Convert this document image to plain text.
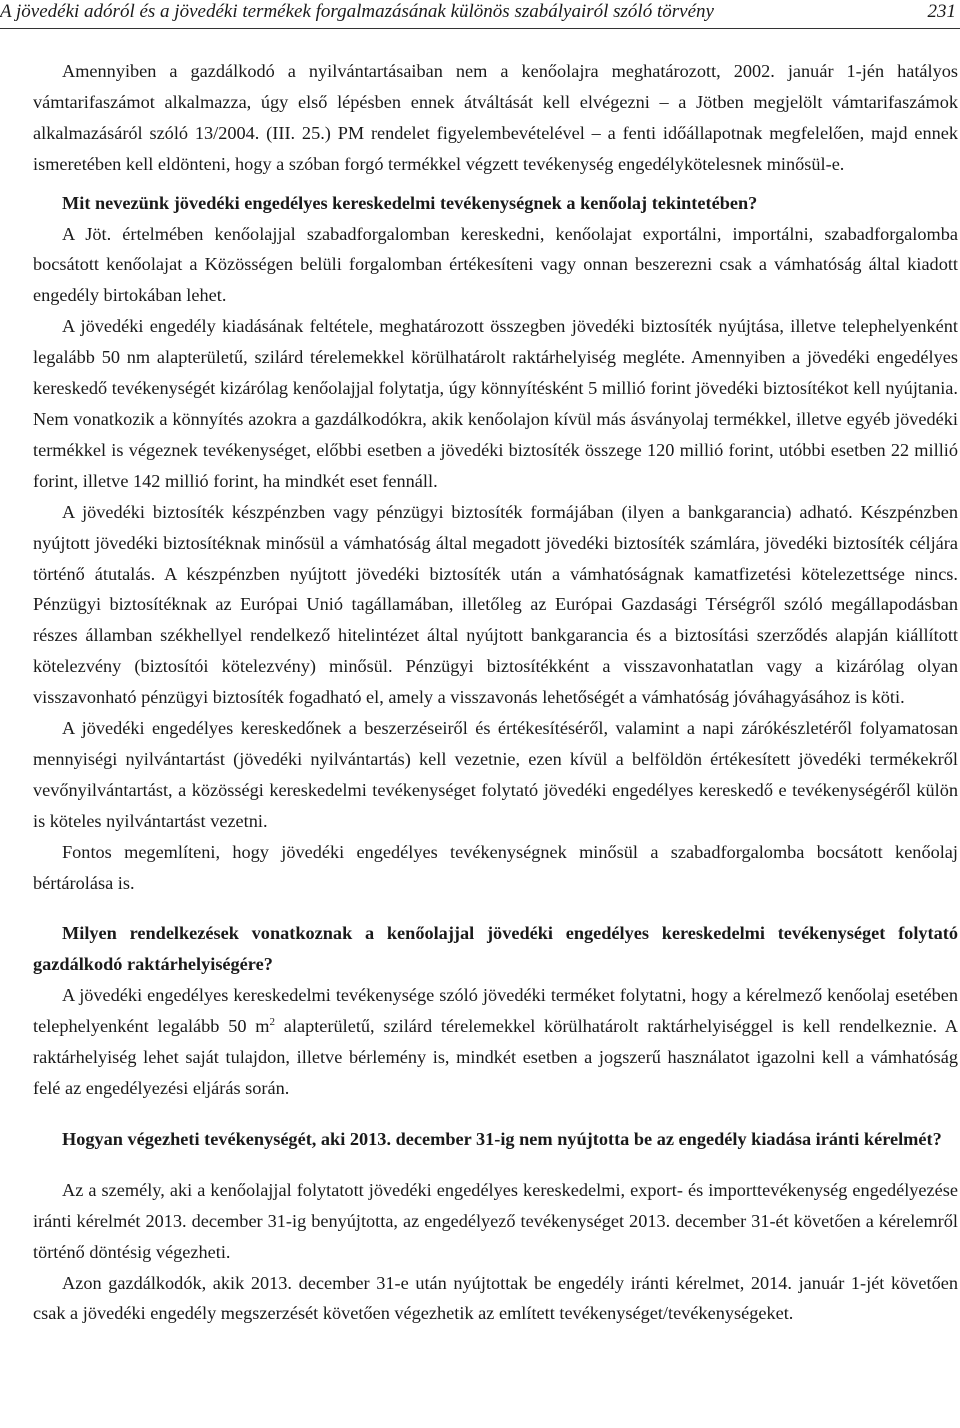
A jövedéki adóról és a jövedéki termékek forgalmazásának különös szabályairól szóló törvény	231

Amennyiben a gazdálkodó a nyilvántartásaiban nem a kenőolajra meghatározott, 2002. január 1-jén hatályos vámtarifaszámot alkalmazza, úgy első lépésben ennek átváltását kell elvégezni – a Jötben megjelölt vámtarifaszámok alkalmazásáról szóló 13/2004. (III. 25.) PM rendelet figyelembevételével – a fenti időállapotnak megfelelően, majd ennek ismeretében kell eldönteni, hogy a szóban forgó termékkel végzett tevékenység engedélykötelesnek minősül-e.

Mit nevezünk jövedéki engedélyes kereskedelmi tevékenységnek a kenőolaj tekintetében?

A Jöt. értelmében kenőolajjal szabadforgalomban kereskedni, kenőolajat exportálni, importálni, szabadforgalomba bocsátott kenőolajat a Közösségen belüli forgalomban értékesíteni vagy onnan beszerezni csak a vámhatóság által kiadott engedély birtokában lehet.

A jövedéki engedély kiadásának feltétele, meghatározott összegben jövedéki biztosíték nyújtása, illetve telephelyenként legalább 50 nm alapterületű, szilárd térelemekkel körülhatárolt raktárhelyiség megléte. Amennyiben a jövedéki engedélyes kereskedő tevékenységét kizárólag kenőolajjal folytatja, úgy könnyítésként 5 millió forint jövedéki biztosítékot kell nyújtania. Nem vonatkozik a könnyítés azokra a gazdálkodókra, akik kenőolajon kívül más ásványolaj termékkel, illetve egyéb jövedéki termékkel is végeznek tevékenységet, előbbi esetben a jövedéki biztosíték összege 120 millió forint, utóbbi esetben 22 millió forint, illetve 142 millió forint, ha mindkét eset fennáll.

A jövedéki biztosíték készpénzben vagy pénzügyi biztosíték formájában (ilyen a bankgarancia) adható. Készpénzben nyújtott jövedéki biztosítéknak minősül a vámhatóság által megadott jövedéki biztosíték számlára, jövedéki biztosíték céljára történő átutalás. A készpénzben nyújtott jövedéki biztosíték után a vámhatóságnak kamatfizetési kötelezettsége nincs. Pénzügyi biztosítéknak az Európai Unió tagállamában, illetőleg az Európai Gazdasági Térségről szóló megállapodásban részes államban székhellyel rendelkező hitelintézet által nyújtott bankgarancia és a biztosítási szerződés alapján kiállított kötelezvény (biztosítói kötelezvény) minősül. Pénzügyi biztosítékként a visszavonhatatlan vagy a kizárólag olyan visszavonható pénzügyi biztosíték fogadható el, amely a visszavonás lehetőségét a vámhatóság jóváhagyásához is köti.

A jövedéki engedélyes kereskedőnek a beszerzéseiről és értékesítéséről, valamint a napi zárókészletéről folyamatosan mennyiségi nyilvántartást (jövedéki nyilvántartás) kell vezetnie, ezen kívül a belföldön értékesített jövedéki termékekről vevőnyilvántartást, a közösségi kereskedelmi tevékenységet folytató jövedéki engedélyes kereskedő e tevékenységéről külön is köteles nyilvántartást vezetni.

Fontos megemlíteni, hogy jövedéki engedélyes tevékenységnek minősül a szabadforgalomba bocsátott kenőolaj bértárolása is.

Milyen rendelkezések vonatkoznak a kenőolajjal jövedéki engedélyes kereskedelmi tevékenységet folytató gazdálkodó raktárhelyiségére?

A jövedéki engedélyes kereskedelmi tevékenysége szóló jövedéki terméket folytatni, hogy a kérelmező kenőolaj esetében telephelyenként legalább 50 $m^2$ alapterületű, szilárd térelemekkel körülhatárolt raktárhelyiséggel is kell rendelkeznie. A raktárhelyiség lehet saját tulajdon, illetve bérlemény is, mindkét esetben a jogszerű használatot igazolni kell a vámhatóság felé az engedélyezési eljárás során.

Hogyan végezheti tevékenységét, aki 2013. december 31-ig nem nyújtotta be az engedély kiadása iránti kérelmét?

Az a személy, aki a kenőolajjal folytatott jövedéki engedélyes kereskedelmi, export- és importtevékenység engedélyezése iránti kérelmét 2013. december 31-ig benyújtotta, az engedélyező tevékenységet 2013. december 31-ét követően a kérelemről történő döntésig végezheti.

Azon gazdálkodók, akik 2013. december 31-e után nyújtottak be engedély iránti kérelmet, 2014. január 1-jét követően csak a jövedéki engedély megszerzését követően végezhetik az említett tevékenységet/tevékenységeket.
